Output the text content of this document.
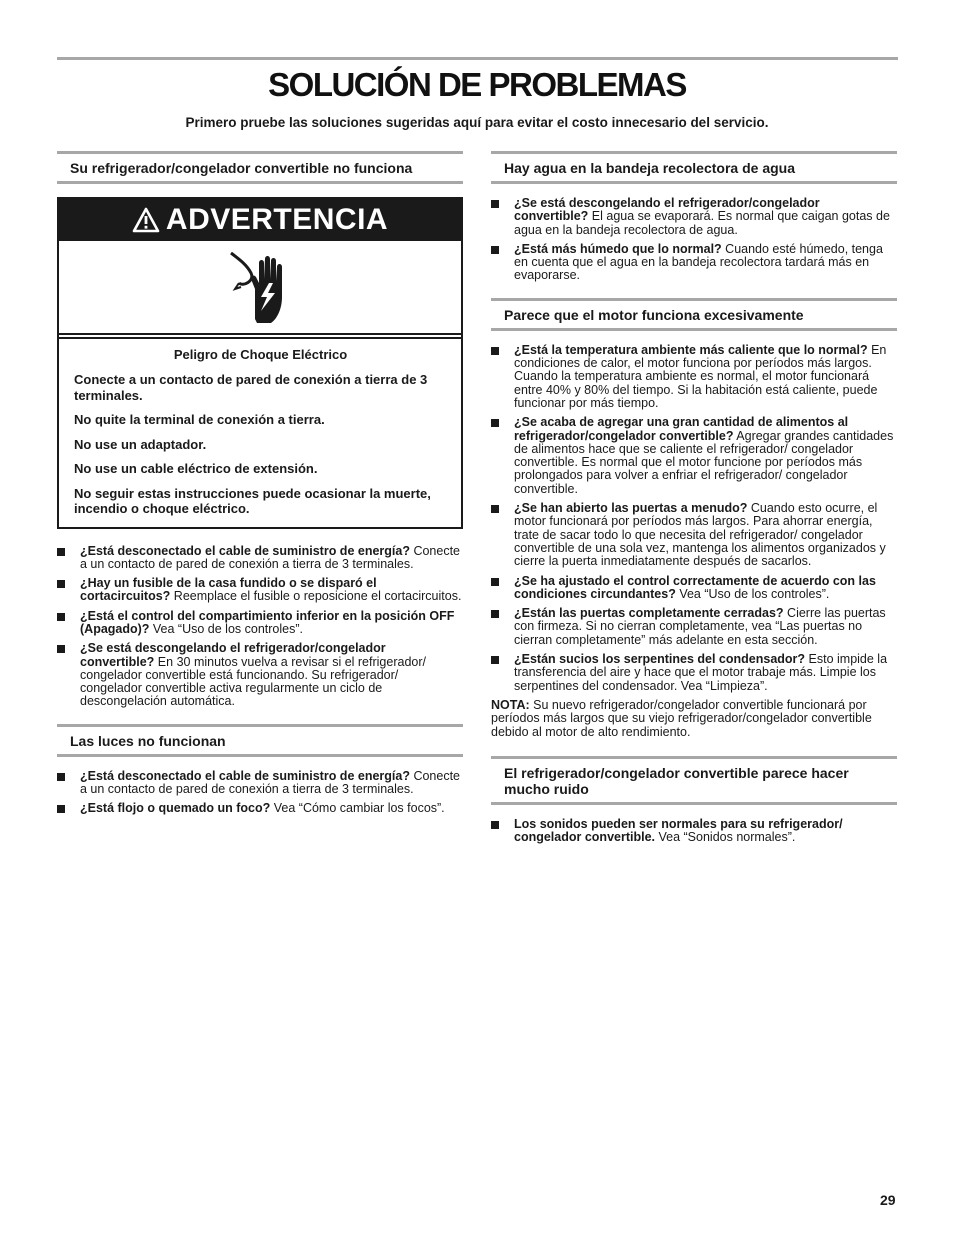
SOLUCIÓN DE PROBLEMAS

Primero pruebe las soluciones sugeridas aquí para evitar el costo innecesario del servicio.

Su refrigerador/congelador convertible no funciona
ADVERTENCIA

Peligro de Choque Eléctrico

Conecte a un contacto de pared de conexión a tierra de 3 terminales.

No quite la terminal de conexión a tierra.

No use un adaptador.

No use un cable eléctrico de extensión.

No seguir estas instrucciones puede ocasionar la muerte, incendio o choque eléctrico.

¿Está desconectado el cable de suministro de energía? Conecte a un contacto de pared de conexión a tierra de 3 terminales.
¿Hay un fusible de la casa fundido o se disparó el cortacircuitos? Reemplace el fusible o reposicione el cortacircuitos.
¿Está el control del compartimiento inferior en la posición OFF (Apagado)? Vea “Uso de los controles”.
¿Se está descongelando el refrigerador/congelador convertible? En 30 minutos vuelva a revisar si el refrigerador/ congelador convertible está funcionando. Su refrigerador/ congelador convertible activa regularmente un ciclo de descongelación automática.
Las luces no funcionan
¿Está desconectado el cable de suministro de energía? Conecte a un contacto de pared de conexión a tierra de 3 terminales.
¿Está flojo o quemado un foco? Vea “Cómo cambiar los focos”.
Hay agua en la bandeja recolectora de agua
¿Se está descongelando el refrigerador/congelador convertible? El agua se evaporará. Es normal que caigan gotas de agua en la bandeja recolectora de agua.
¿Está más húmedo que lo normal? Cuando esté húmedo, tenga en cuenta que el agua en la bandeja recolectora tardará más en evaporarse.
Parece que el motor funciona excesivamente
¿Está la temperatura ambiente más caliente que lo normal? En condiciones de calor, el motor funciona por períodos más largos. Cuando la temperatura ambiente es normal, el motor funcionará entre 40% y 80% del tiempo. Si la habitación está caliente, puede funcionar por más tiempo.
¿Se acaba de agregar una gran cantidad de alimentos al refrigerador/congelador convertible? Agregar grandes cantidades de alimentos hace que se caliente el refrigerador/ congelador convertible. Es normal que el motor funcione por períodos más prolongados para volver a enfriar el refrigerador/ congelador convertible.
¿Se han abierto las puertas a menudo? Cuando esto ocurre, el motor funcionará por períodos más largos. Para ahorrar energía, trate de sacar todo lo que necesita del refrigerador/ congelador convertible de una sola vez, mantenga los alimentos organizados y cierre la puerta inmediatamente después de sacarlos.
¿Se ha ajustado el control correctamente de acuerdo con las condiciones circundantes? Vea “Uso de los controles”.
¿Están las puertas completamente cerradas? Cierre las puertas con firmeza. Si no cierran completamente, vea “Las puertas no cierran completamente” más adelante en esta sección.
¿Están sucios los serpentines del condensador? Esto impide la transferencia del aire y hace que el motor trabaje más. Limpie los serpentines del condensador. Vea “Limpieza”.

NOTA: Su nuevo refrigerador/congelador convertible funcionará por períodos más largos que su viejo refrigerador/congelador convertible debido al motor de alto rendimiento.

El refrigerador/congelador convertible parece hacer mucho ruido
Los sonidos pueden ser normales para su refrigerador/ congelador convertible. Vea “Sonidos normales”.
29
